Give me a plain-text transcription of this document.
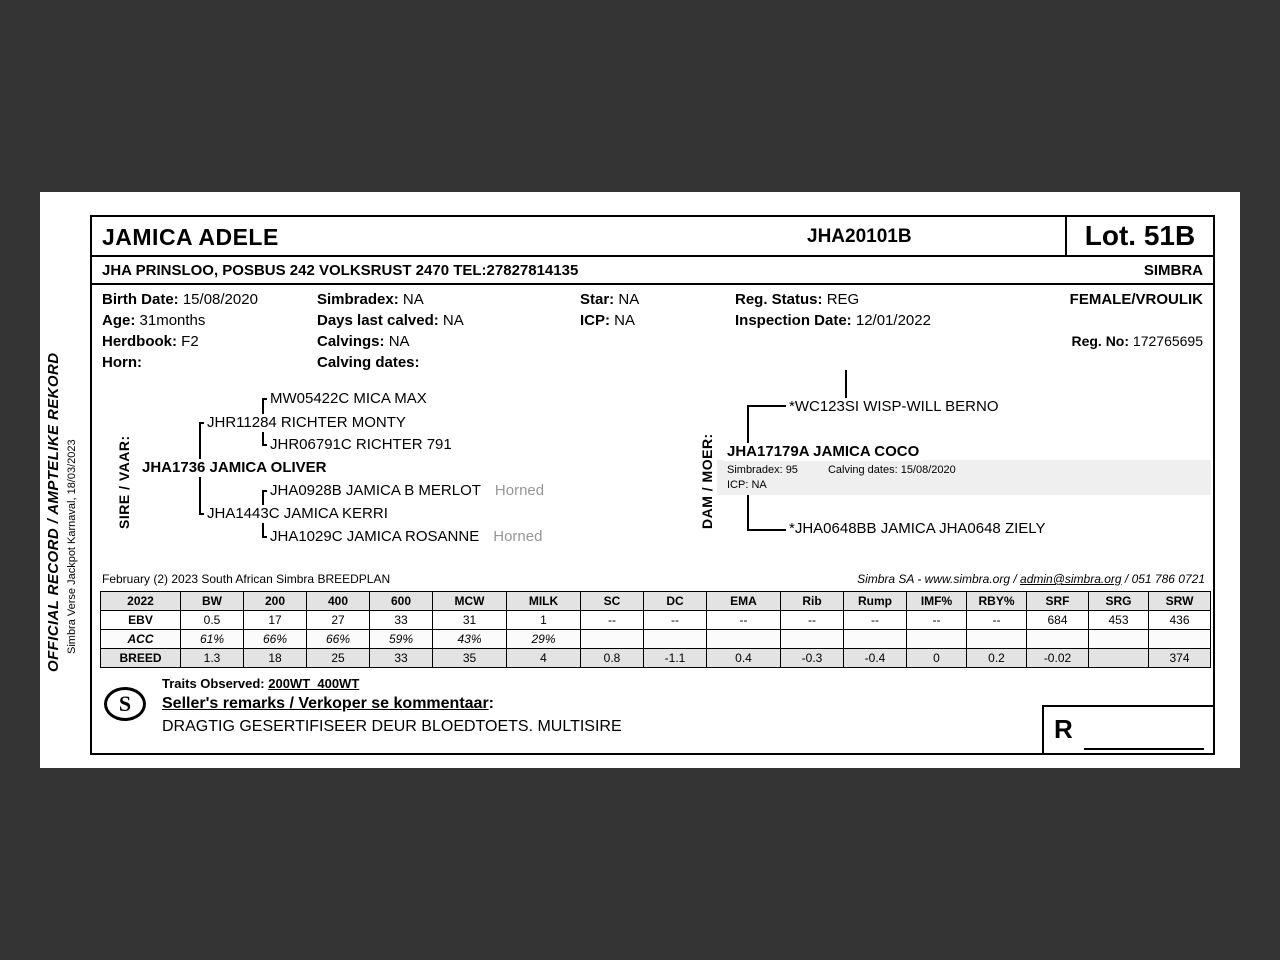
OFFICIAL RECORD / AMPTELIKE REKORD Simbra Verse Jackpot Karnaval, 18/03/2023
JAMICA ADELE	JHA20101B	Lot. 51B
JHA PRINSLOO, POSBUS 242 VOLKSRUST 2470 TEL:27827814135	SIMBRA
Birth Date: 15/08/2020
Age: 31months
Herdbook: F2
Horn:
Simbradex: NA
Days last calved: NA
Calvings: NA
Calving dates:
Star: NA
ICP: NA
Reg. Status: REG
Inspection Date: 12/01/2022
FEMALE/VROULIK
Reg. No: 172765695
SIRE / VAAR:
MW05422C MICA MAX
JHR11284 RICHTER MONTY
JHR06791C RICHTER 791
JHA1736 JAMICA OLIVER
JHA0928B JAMICA B MERLOT Horned
JHA1443C JAMICA KERRI
JHA1029C JAMICA ROSANNE Horned
DAM / MOER: Simbradex: 95	Calving dates: 15/08/2020
ICP: NA
*WC123SI WISP-WILL BERNO
JHA17179A JAMICA COCO
*JHA0648BB JAMICA JHA0648 ZIELY
February (2) 2023 South African Simbra BREEDPLAN	Simbra SA - www.simbra.org / admin@simbra.org / 051 786 0721
2022	BW	200	400	600	MCW	MILK	SC	DC	EMA	Rib	Rump	IMF%	RBY%	SRF	SRG	SRW
EBV	0.5	17	27	33	31	1	--	--	--	--	--	--	--	684	453	436
ACC	61%	66%	66%	59%	43%	29%										
BREED	1.3	18	25	33	35	4	0.8	-1.1	0.4	-0.3	-0.4	0	0.2	-0.02		374
S
Traits Observed: 200WT  400WT
Seller's remarks / Verkoper se kommentaar:
DRAGTIG GESERTIFISEER DEUR BLOEDTOETS. MULTISIRE	R
